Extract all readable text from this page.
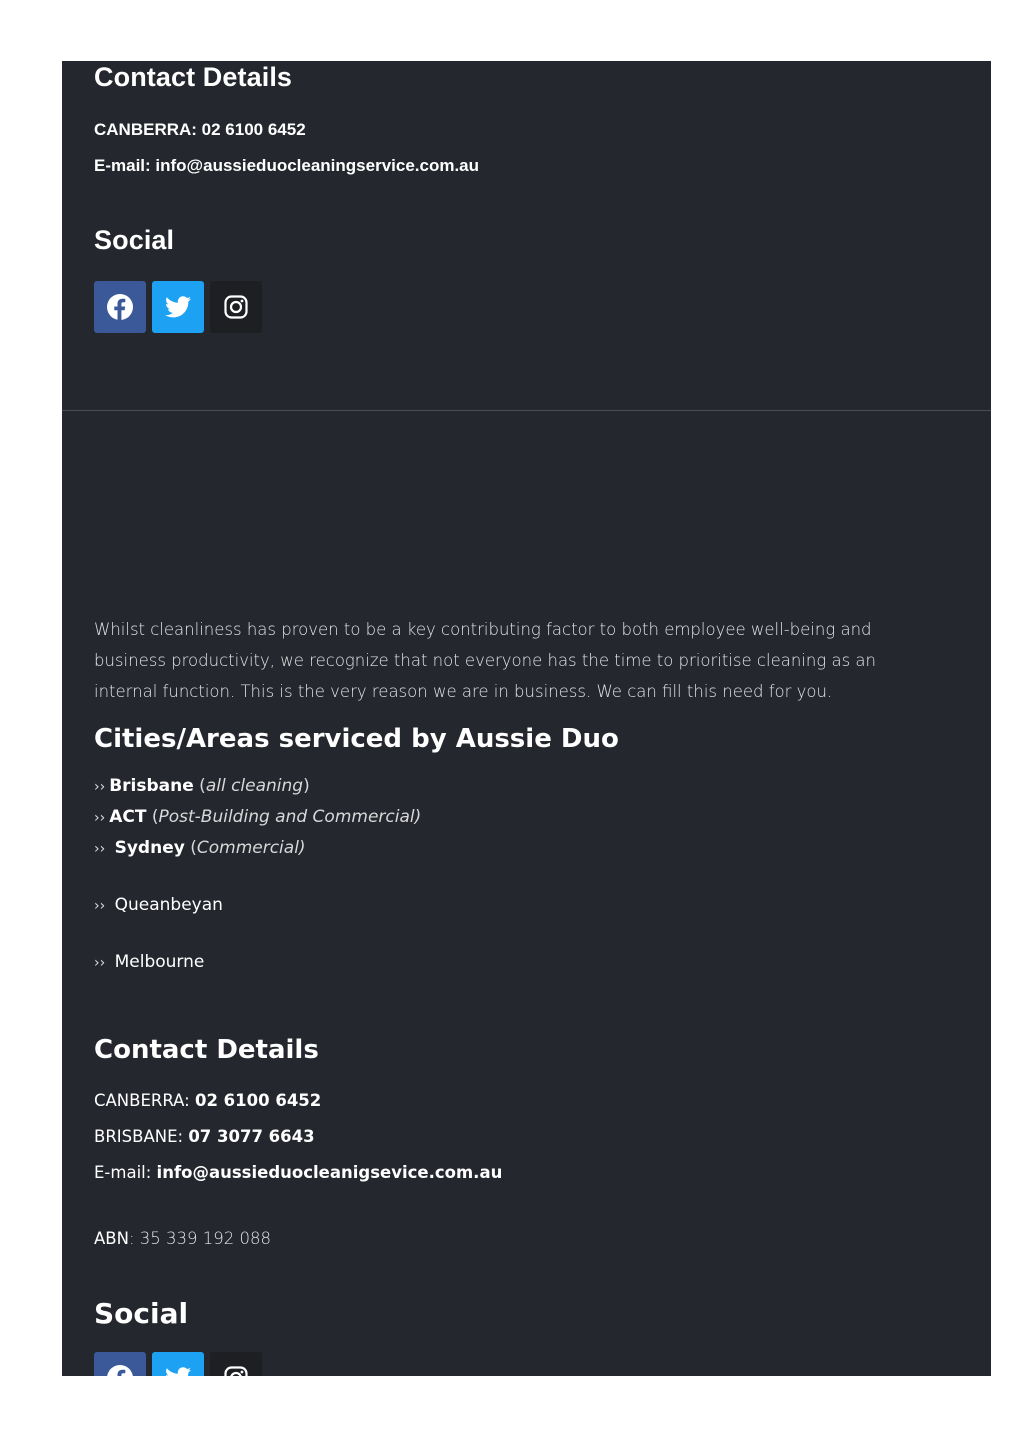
Contact Details
CANBERRA: 02 6100 6452
E-mail: info@aussieduocleaningservice.com.au
Social
Whilst cleanliness has proven to be a key contributing factor to both employee well-being and business productivity, we recognize that not everyone has the time to prioritise cleaning as an internal function. This is the very reason we are in business. We can fill this need for you.
Cities/Areas serviced by Aussie Duo
›› Brisbane (all cleaning)
›› ACT (Post-Building and Commercial)
›› Sydney (Commercial)
›› Queanbeyan
›› Melbourne
Contact Details
CANBERRA: 02 6100 6452
BRISBANE: 07 3077 6643
E-mail: info@aussieduocleanigsevice.com.au
ABN: 35 339 192 088
Social
